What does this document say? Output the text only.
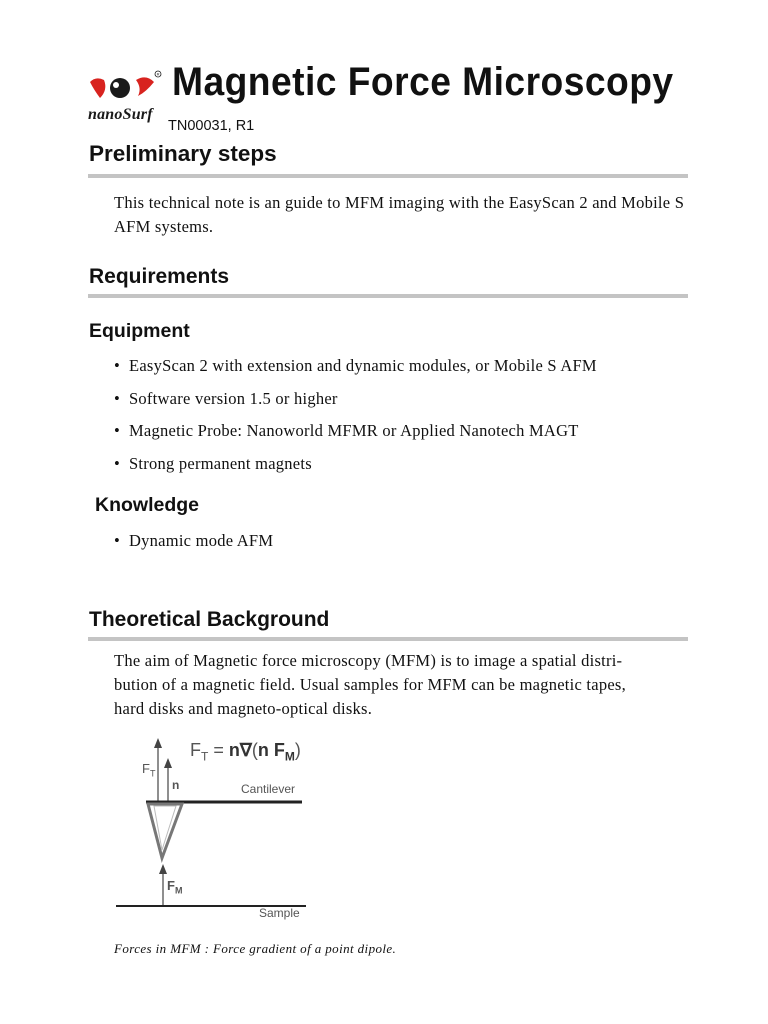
R
nanoSurf
Magnetic Force Microscopy
TN00031, R1
Preliminary steps
This technical note is an guide to MFM imaging with the EasyScan 2 and Mobile S AFM systems.
Requirements
Equipment
• EasyScan 2 with extension and dynamic modules, or Mobile S AFM
• Software version 1.5 or higher
• Magnetic Probe: Nanoworld MFMR or Applied Nanotech MAGT
• Strong permanent magnets
Knowledge
• Dynamic mode AFM
Theoretical Background
The aim of Magnetic force microscopy (MFM) is to image a spatial distri-
bution of a magnetic field. Usual samples for MFM can be magnetic tapes,
hard disks and magneto-optical disks.
$F_T = n\nabla(n$ $F_M$)
$F_T$
n	Cantilever
$F_M$
Sample
Forces in MFM : Force gradient of a point dipole.
